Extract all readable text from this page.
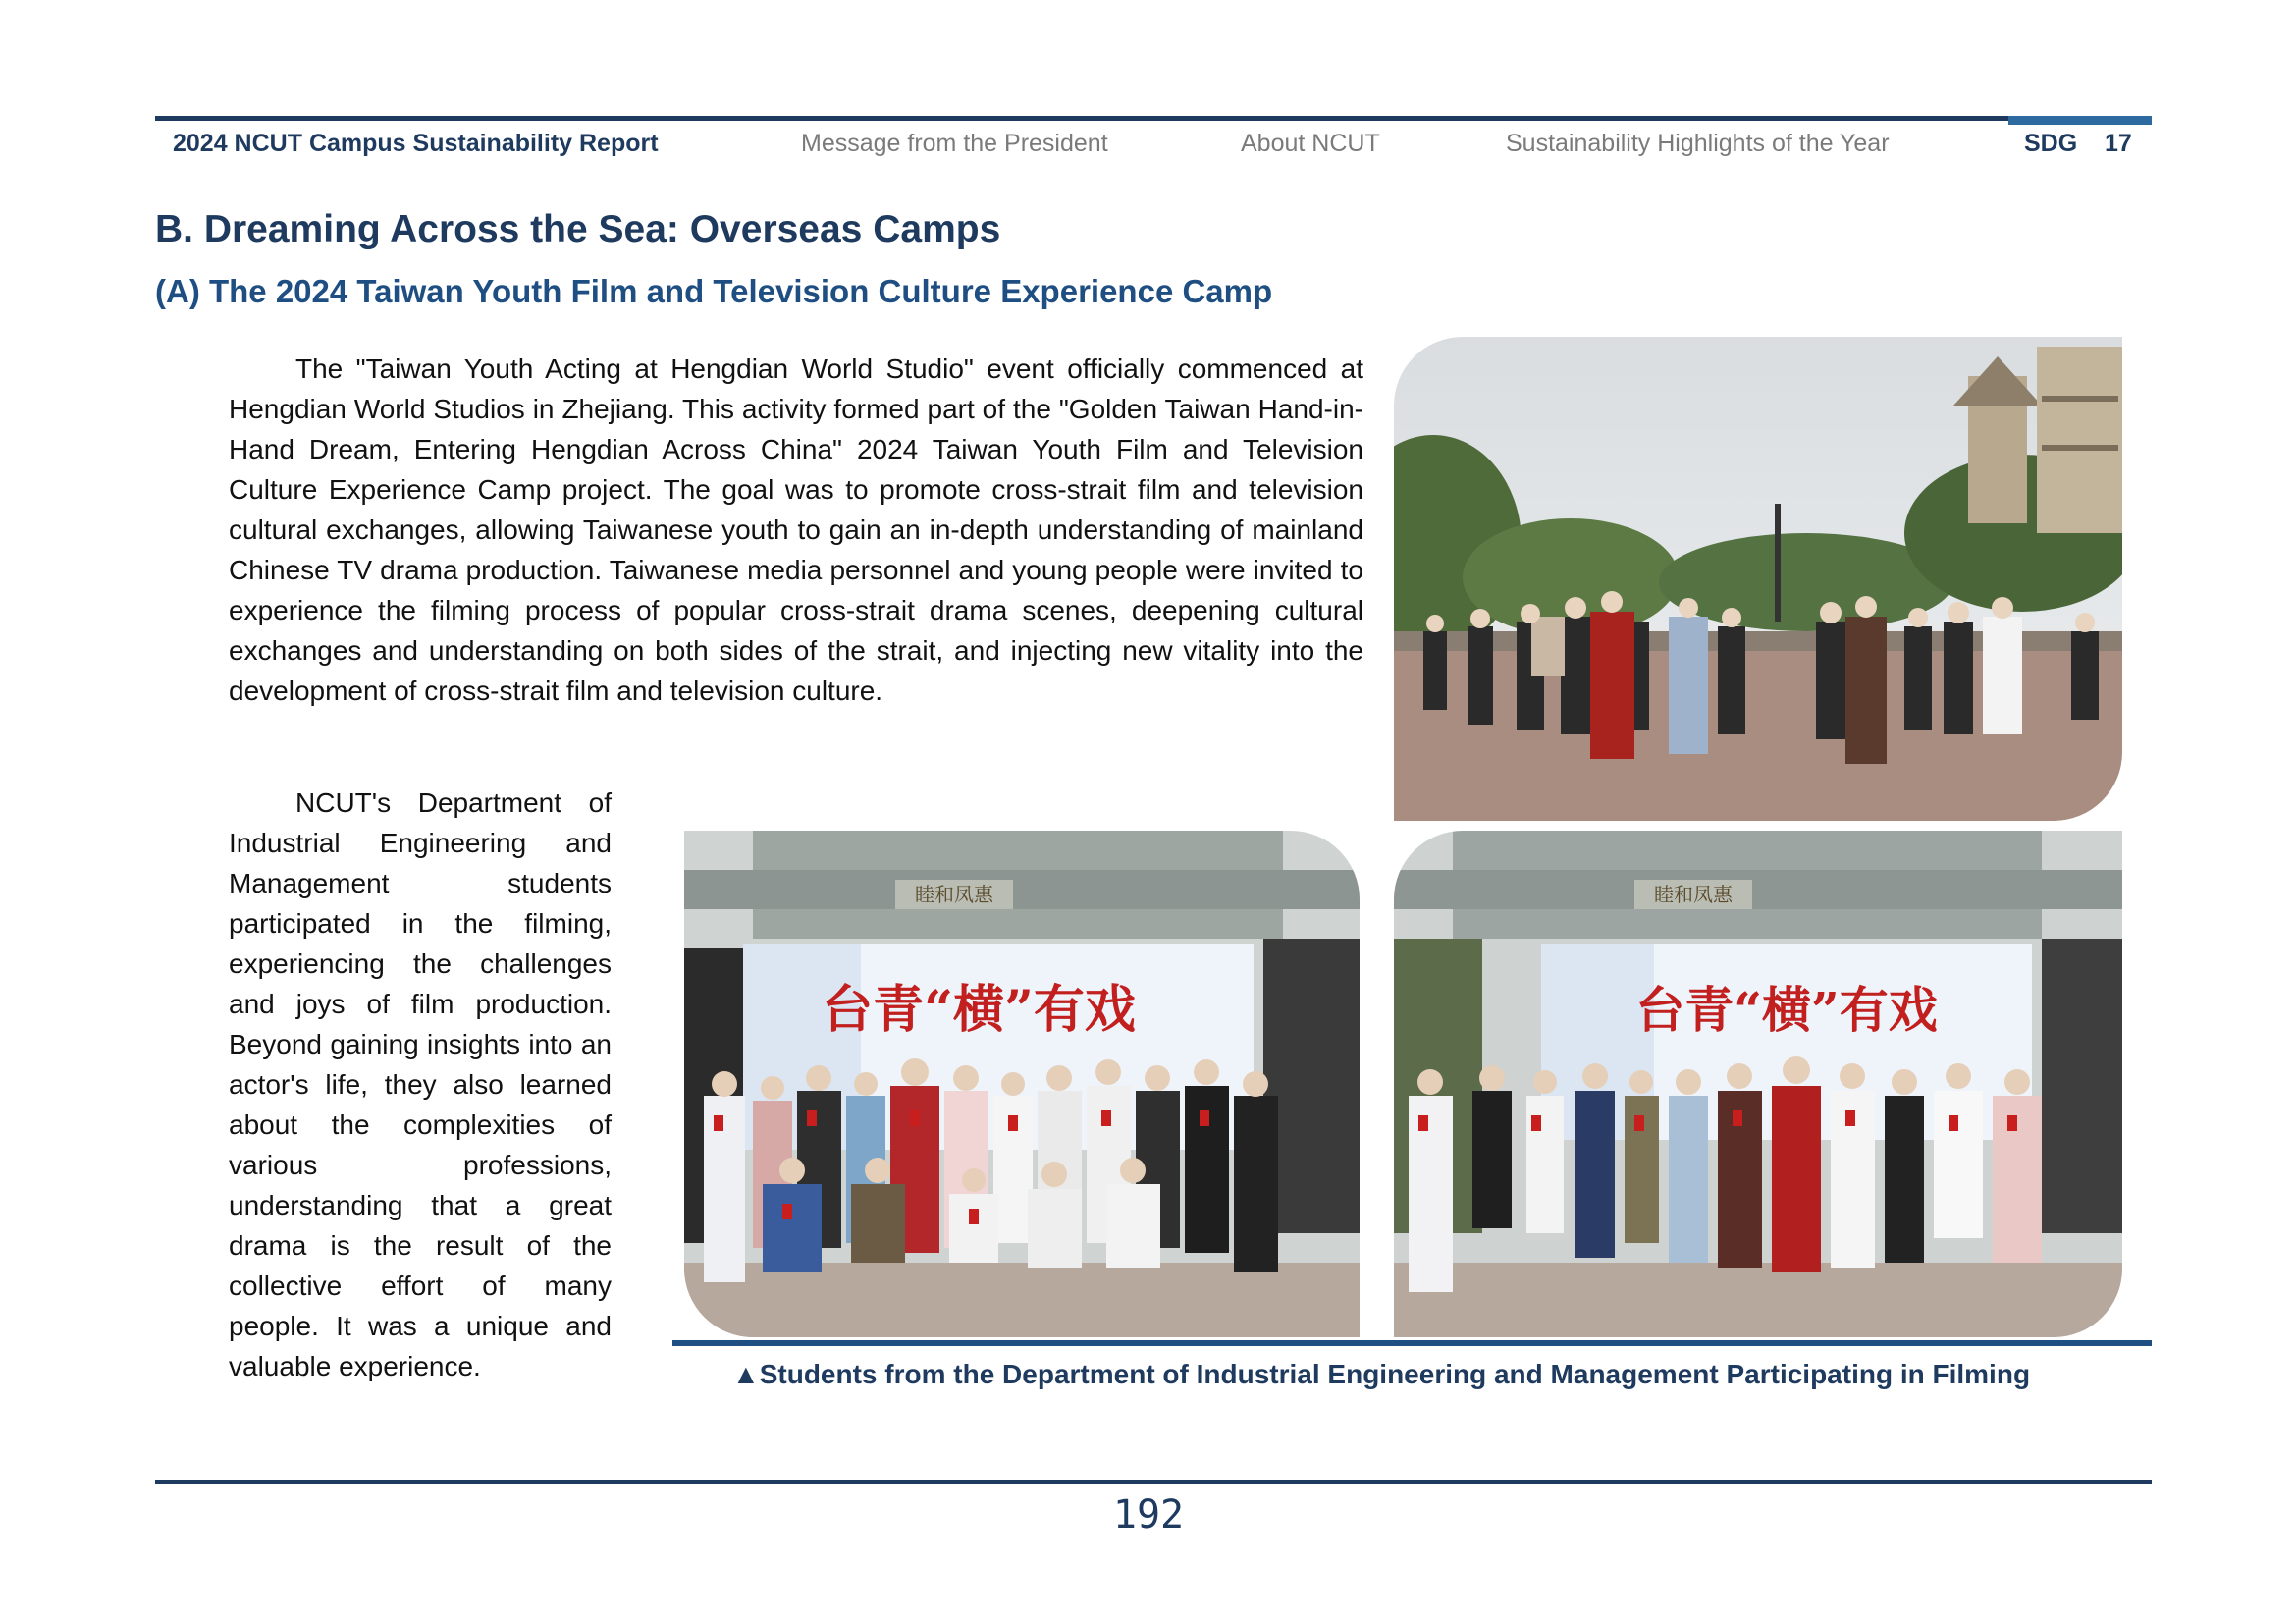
2024 NCUT Campus Sustainability Report	Message from the President	About NCUT	Sustainability Highlights of the Year	SDG 17
B. Dreaming Across the Sea: Overseas Camps
(A) The 2024 Taiwan Youth Film and Television Culture Experience Camp
The "Taiwan Youth Acting at Hengdian World Studio" event officially commenced at Hengdian World Studios in Zhejiang. This activity formed part of the "Golden Taiwan Hand-in-Hand Dream, Entering Hengdian Across China" 2024 Taiwan Youth Film and Television Culture Experience Camp project. The goal was to promote cross-strait film and television cultural exchanges, allowing Taiwanese youth to gain an in-depth understanding of mainland Chinese TV drama production. Taiwanese media personnel and young people were invited to experience the filming process of popular cross-strait drama scenes, deepening cultural exchanges and understanding on both sides of the strait, and injecting new vitality into the development of cross-strait film and television culture.
NCUT's Department of Industrial Engineering and Management students participated in the filming, experiencing the challenges and joys of film production. Beyond gaining insights into an actor's life, they also learned about the complexities of various professions, understanding that a great drama is the result of the collective effort of many people. It was a unique and valuable experience.
睦和凤惠
台青“横”有戏
睦和凤惠
台青“横”有戏
▲Students from the Department of Industrial Engineering and Management Participating in Filming
192
